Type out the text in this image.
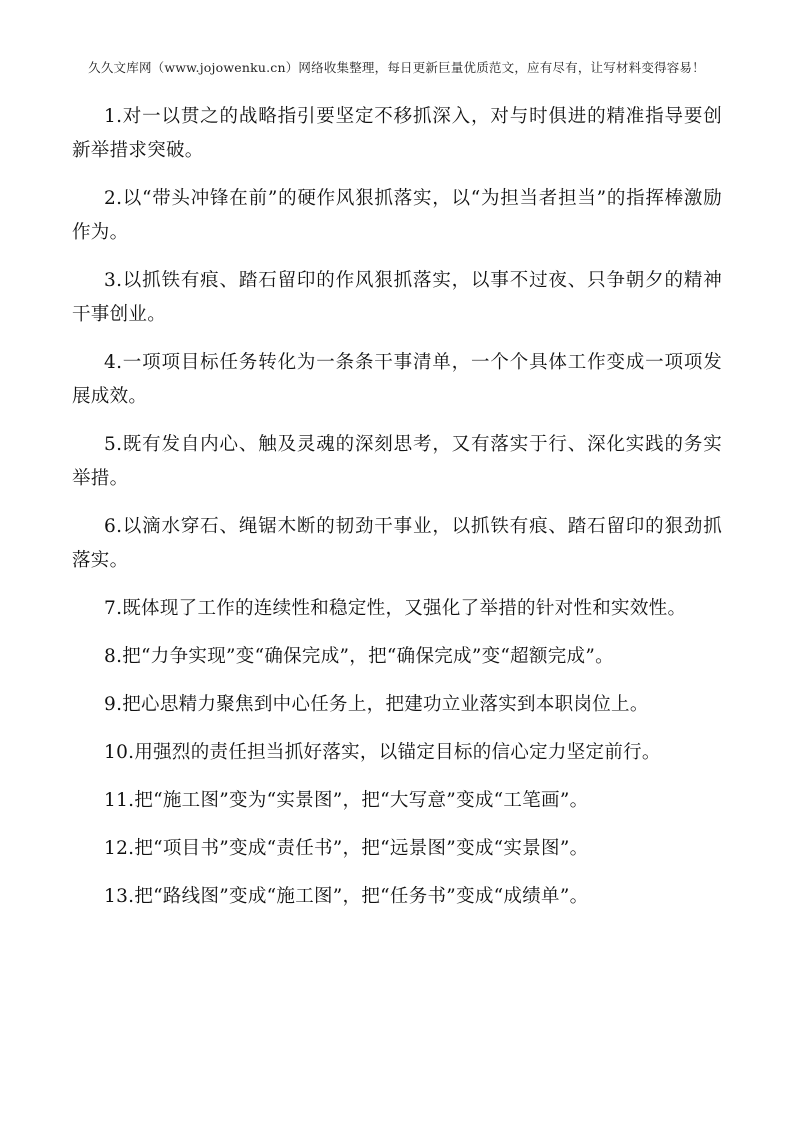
久久文库网（www.jojowenku.cn）网络收集整理，每日更新巨量优质范文，应有尽有，让写材料变得容易！
1.对一以贯之的战略指引要坚定不移抓深入，对与时俱进的精准指导要创新举措求突破。
2.以“带头冲锋在前”的硬作风狠抓落实，以“为担当者担当”的指挥棒激励作为。
3.以抓铁有痕、踏石留印的作风狠抓落实，以事不过夜、只争朝夕的精神干事创业。
4.一项项目标任务转化为一条条干事清单，一个个具体工作变成一项项发展成效。
5.既有发自内心、触及灵魂的深刻思考，又有落实于行、深化实践的务实举措。
6.以滴水穿石、绳锯木断的韧劲干事业，以抓铁有痕、踏石留印的狠劲抓落实。
7.既体现了工作的连续性和稳定性，又强化了举措的针对性和实效性。
8.把“力争实现”变“确保完成”，把“确保完成”变“超额完成”。
9.把心思精力聚焦到中心任务上，把建功立业落实到本职岗位上。
10.用强烈的责任担当抓好落实，以锚定目标的信心定力坚定前行。
11.把“施工图”变为“实景图”，把“大写意”变成“工笔画”。
12.把“项目书”变成“责任书”，把“远景图”变成“实景图”。
13.把“路线图”变成“施工图”，把“任务书”变成“成绩单”。
